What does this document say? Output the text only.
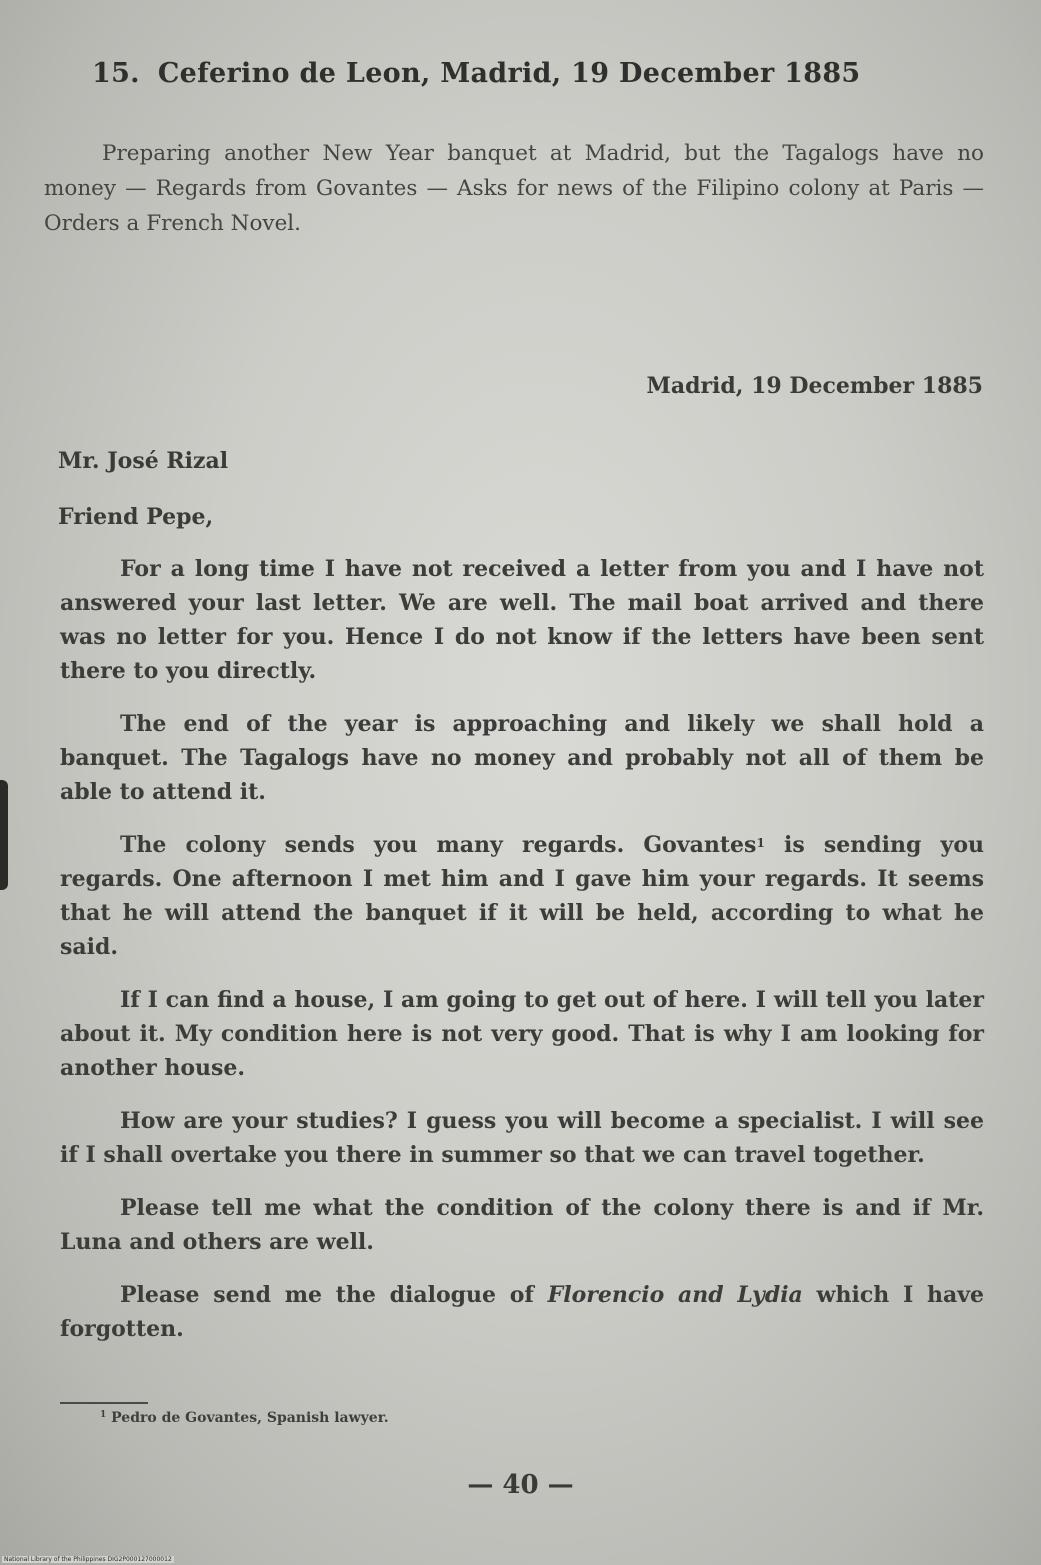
15. Ceferino de Leon, Madrid, 19 December 1885
Preparing another New Year banquet at Madrid, but the Tagalogs have no money — Regards from Govantes — Asks for news of the Filipino colony at Paris — Orders a French Novel.
Madrid, 19 December 1885
Mr. José Rizal
Friend Pepe,

For a long time I have not received a letter from you and I have not answered your last letter. We are well. The mail boat arrived and there was no letter for you. Hence I do not know if the letters have been sent there to you directly.

The end of the year is approaching and likely we shall hold a banquet. The Tagalogs have no money and probably not all of them be able to attend it.

The colony sends you many regards. Govantes$^1$ is sending you regards. One afternoon I met him and I gave him your regards. It seems that he will attend the banquet if it will be held, according to what he said.

If I can find a house, I am going to get out of here. I will tell you later about it. My condition here is not very good. That is why I am looking for another house.

How are your studies? I guess you will become a specialist. I will see if I shall overtake you there in summer so that we can travel together.

Please tell me what the condition of the colony there is and if Mr. Luna and others are well.

Please send me the dialogue of Florencio and Lydia which I have forgotten.

$^1$ Pedro de Govantes, Spanish lawyer.
— 40 —
National Library of the Philippines DIG2P000127000012
